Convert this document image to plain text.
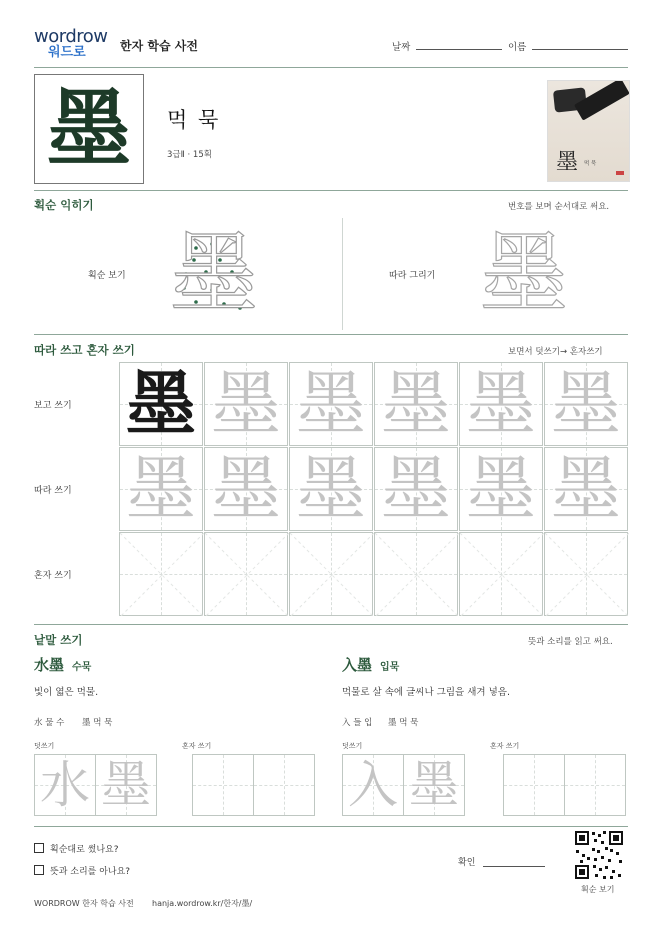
wordrow
워드로	한자 학습 사전	날짜	이름
墨	먹 묵
3급Ⅱ · 15획	墨 먹 묵
획순 익히기	번호를 보며 순서대로 써요.
획순 보기 墨	따라 그리기 墨
따라 쓰고 혼자 쓰기	보면서 덧쓰기→ 혼자쓰기
보고 쓰기 墨 墨 墨 墨 墨 墨
따라 쓰기 墨 墨 墨 墨 墨 墨
혼자 쓰기
낱말 쓰기	뜻과 소리를 읽고 써요.
水墨 수묵
빛이 엷은 먹물.
水 물 수 墨 먹 묵
덧쓰기	혼자 쓰기
水 墨
入墨 입묵
먹물로 살 속에 글씨나 그림을 새겨 넣음.
入 들 입 墨 먹 묵
덧쓰기	혼자 쓰기
入 墨
획순대로 썼나요?
뜻과 소리를 아나요?
확인
획순 보기
WORDROW 한자 학습 사전 hanja.wordrow.kr/한자/墨/
